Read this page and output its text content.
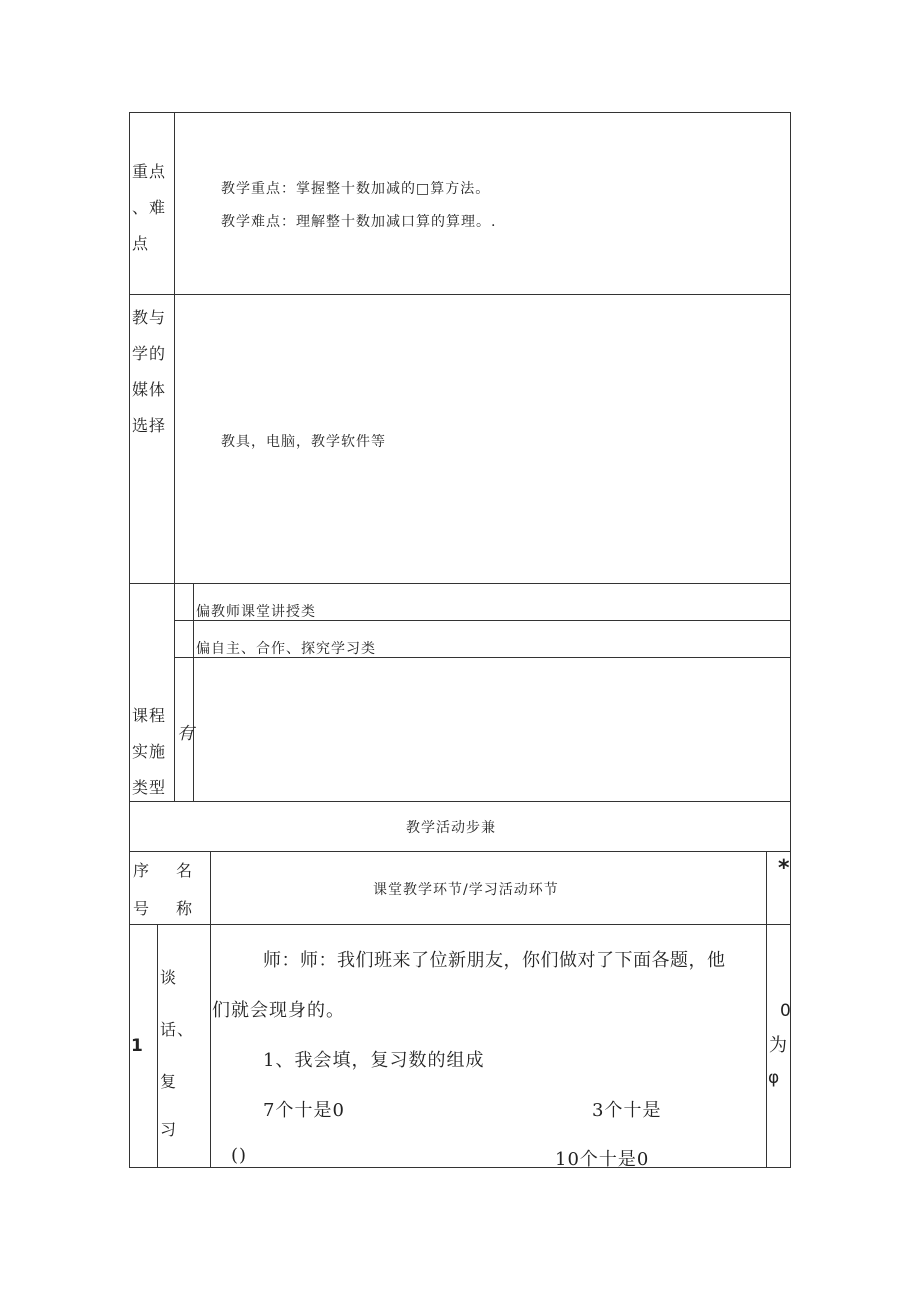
重点
、难
点
教学重点：掌握整十数加减的□算方法。
教学难点：理解整十数加减口算的算理。.
教与
学的
媒体
选择
教具，电脑，教学软件等
偏教师课堂讲授类
偏自主、合作、探究学习类
有
课程
实施
类型
教学活动步兼
序
号
名
称
课堂教学环节/学习活动环节
*
1
谈
话、
复
习
师：师：我们班来了位新朋友，你们做对了下面各题，他
们就会现身的。
1、我会填，复习数的组成
7个十是0	3个十是
()	10个十是0
0
为
φ
